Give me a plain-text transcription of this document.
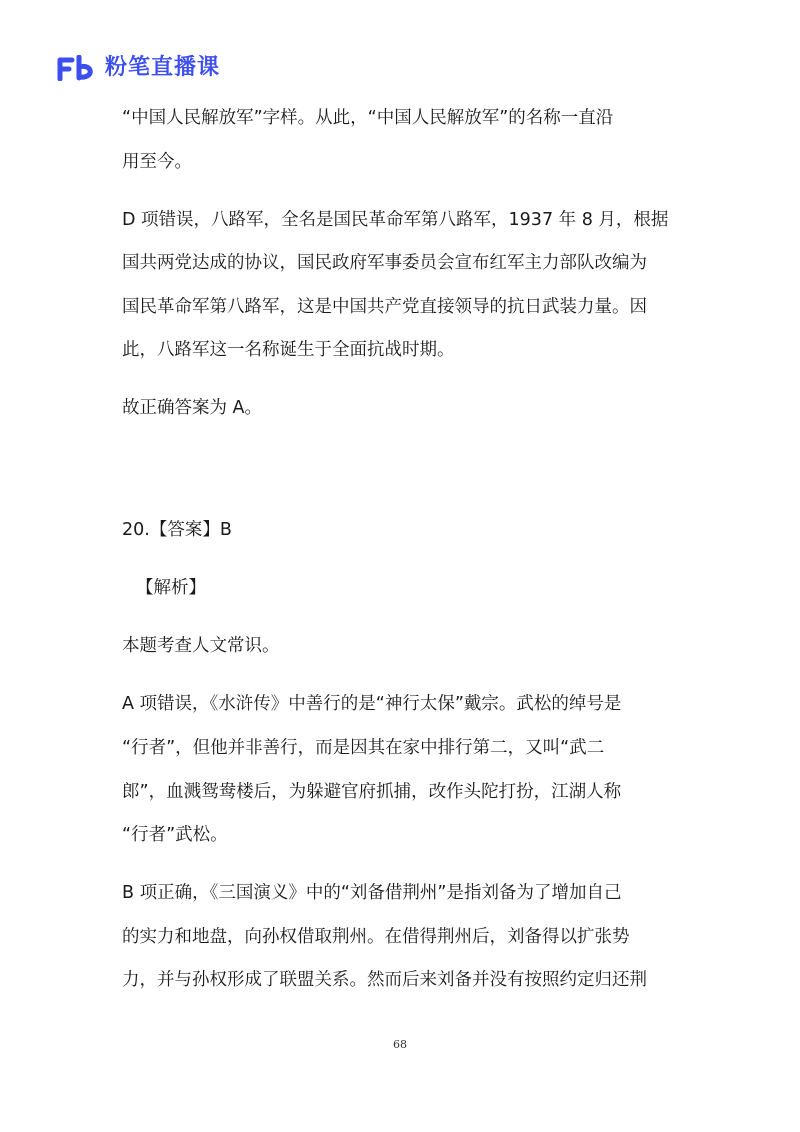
粉笔直播课
“中国人民解放军”字样。从此，“中国人民解放军”的名称一直沿
用至今。
D 项错误，八路军，全名是国民革命军第八路军，1937 年 8 月，根据
国共两党达成的协议，国民政府军事委员会宣布红军主力部队改编为
国民革命军第八路军，这是中国共产党直接领导的抗日武装力量。因
此，八路军这一名称诞生于全面抗战时期。
故正确答案为 A。
20.【答案】B
【解析】
本题考查人文常识。
A 项错误，《水浒传》中善行的是“神行太保”戴宗。武松的绰号是
“行者”，但他并非善行，而是因其在家中排行第二，又叫“武二
郎”，血溅鸳鸯楼后，为躲避官府抓捕，改作头陀打扮，江湖人称
“行者”武松。
B 项正确，《三国演义》中的“刘备借荆州”是指刘备为了增加自己
的实力和地盘，向孙权借取荆州。在借得荆州后，刘备得以扩张势
力，并与孙权形成了联盟关系。然而后来刘备并没有按照约定归还荆
68
